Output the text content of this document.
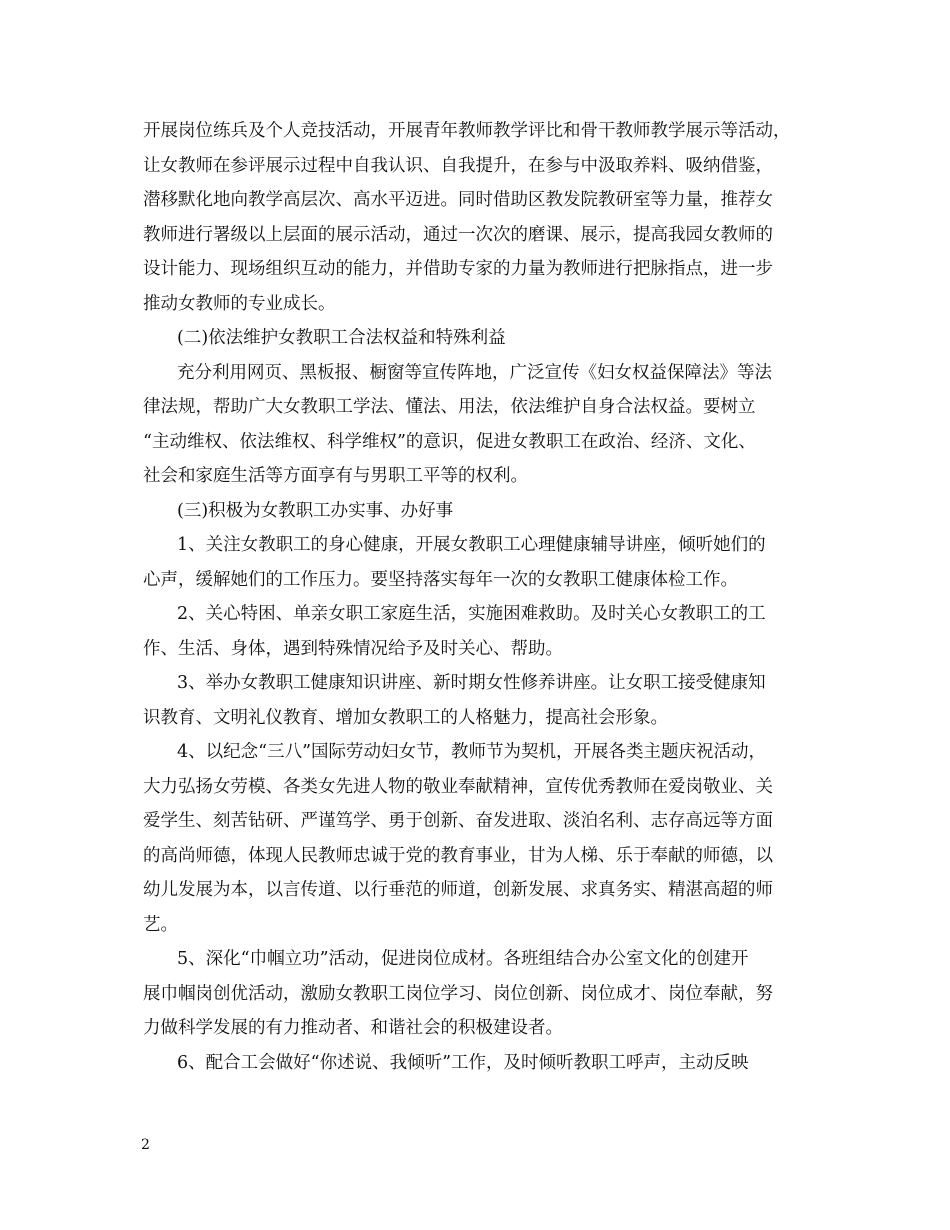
开展岗位练兵及个人竞技活动，开展青年教师教学评比和骨干教师教学展示等活动，
让女教师在参评展示过程中自我认识、自我提升，在参与中汲取养料、吸纳借鉴，
潜移默化地向教学高层次、高水平迈进。同时借助区教发院教研室等力量，推荐女
教师进行署级以上层面的展示活动，通过一次次的磨课、展示，提高我园女教师的
设计能力、现场组织互动的能力，并借助专家的力量为教师进行把脉指点，进一步
推动女教师的专业成长。
(二)依法维护女教职工合法权益和特殊利益
充分利用网页、黑板报、橱窗等宣传阵地，广泛宣传《妇女权益保障法》等法
律法规，帮助广大女教职工学法、懂法、用法，依法维护自身合法权益。要树立
“主动维权、依法维权、科学维权”的意识，促进女教职工在政治、经济、文化、
社会和家庭生活等方面享有与男职工平等的权利。
(三)积极为女教职工办实事、办好事
1、关注女教职工的身心健康，开展女教职工心理健康辅导讲座，倾听她们的
心声，缓解她们的工作压力。要坚持落实每年一次的女教职工健康体检工作。
2、关心特困、单亲女职工家庭生活，实施困难救助。及时关心女教职工的工
作、生活、身体，遇到特殊情况给予及时关心、帮助。
3、举办女教职工健康知识讲座、新时期女性修养讲座。让女职工接受健康知
识教育、文明礼仪教育、增加女教职工的人格魅力，提高社会形象。
4、以纪念“三八”国际劳动妇女节，教师节为契机，开展各类主题庆祝活动，
大力弘扬女劳模、各类女先进人物的敬业奉献精神，宣传优秀教师在爱岗敬业、关
爱学生、刻苦钻研、严谨笃学、勇于创新、奋发进取、淡泊名利、志存高远等方面
的高尚师德，体现人民教师忠诚于党的教育事业，甘为人梯、乐于奉献的师德，以
幼儿发展为本，以言传道、以行垂范的师道，创新发展、求真务实、精湛高超的师
艺。
5、深化“巾帼立功”活动，促进岗位成材。各班组结合办公室文化的创建开
展巾帼岗创优活动，激励女教职工岗位学习、岗位创新、岗位成才、岗位奉献，努
力做科学发展的有力推动者、和谐社会的积极建设者。
6、配合工会做好“你述说、我倾听”工作，及时倾听教职工呼声，主动反映
2
